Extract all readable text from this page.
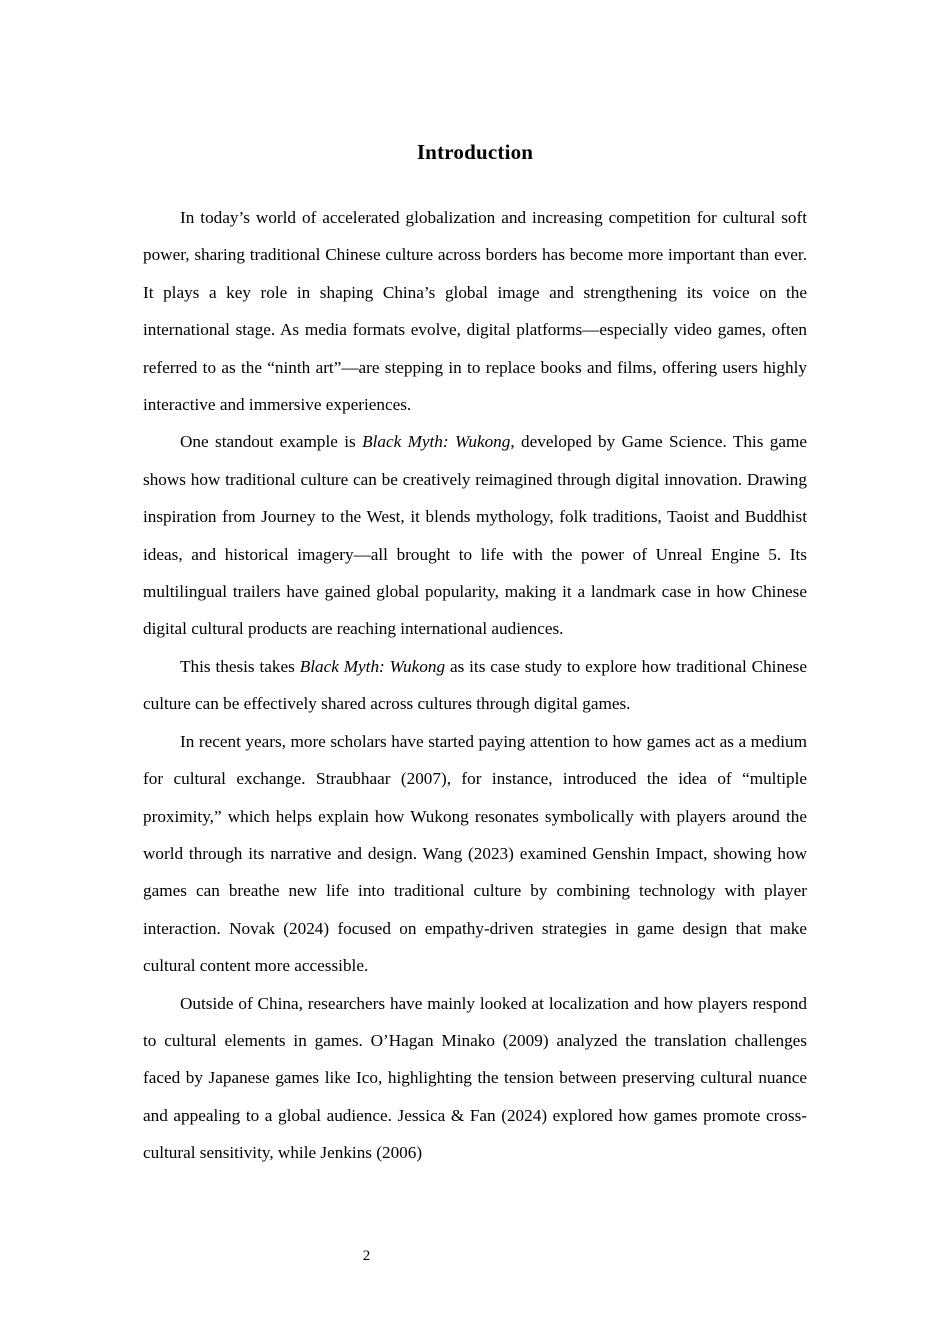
Introduction

In today’s world of accelerated globalization and increasing competition for cultural soft power, sharing traditional Chinese culture across borders has become more important than ever. It plays a key role in shaping China’s global image and strengthening its voice on the international stage. As media formats evolve, digital platforms—especially video games, often referred to as the “ninth art”—are stepping in to replace books and films, offering users highly interactive and immersive experiences.

One standout example is Black Myth: Wukong, developed by Game Science. This game shows how traditional culture can be creatively reimagined through digital innovation. Drawing inspiration from Journey to the West, it blends mythology, folk traditions, Taoist and Buddhist ideas, and historical imagery—all brought to life with the power of Unreal Engine 5. Its multilingual trailers have gained global popularity, making it a landmark case in how Chinese digital cultural products are reaching international audiences.

This thesis takes Black Myth: Wukong as its case study to explore how traditional Chinese culture can be effectively shared across cultures through digital games.

In recent years, more scholars have started paying attention to how games act as a medium for cultural exchange. Straubhaar (2007), for instance, introduced the idea of “multiple proximity,” which helps explain how Wukong resonates symbolically with players around the world through its narrative and design. Wang (2023) examined Genshin Impact, showing how games can breathe new life into traditional culture by combining technology with player interaction. Novak (2024) focused on empathy-driven strategies in game design that make cultural content more accessible.

Outside of China, researchers have mainly looked at localization and how players respond to cultural elements in games. O’Hagan Minako (2009) analyzed the translation challenges faced by Japanese games like Ico, highlighting the tension between preserving cultural nuance and appealing to a global audience. Jessica & Fan (2024) explored how games promote cross-cultural sensitivity, while Jenkins (2006)

2
